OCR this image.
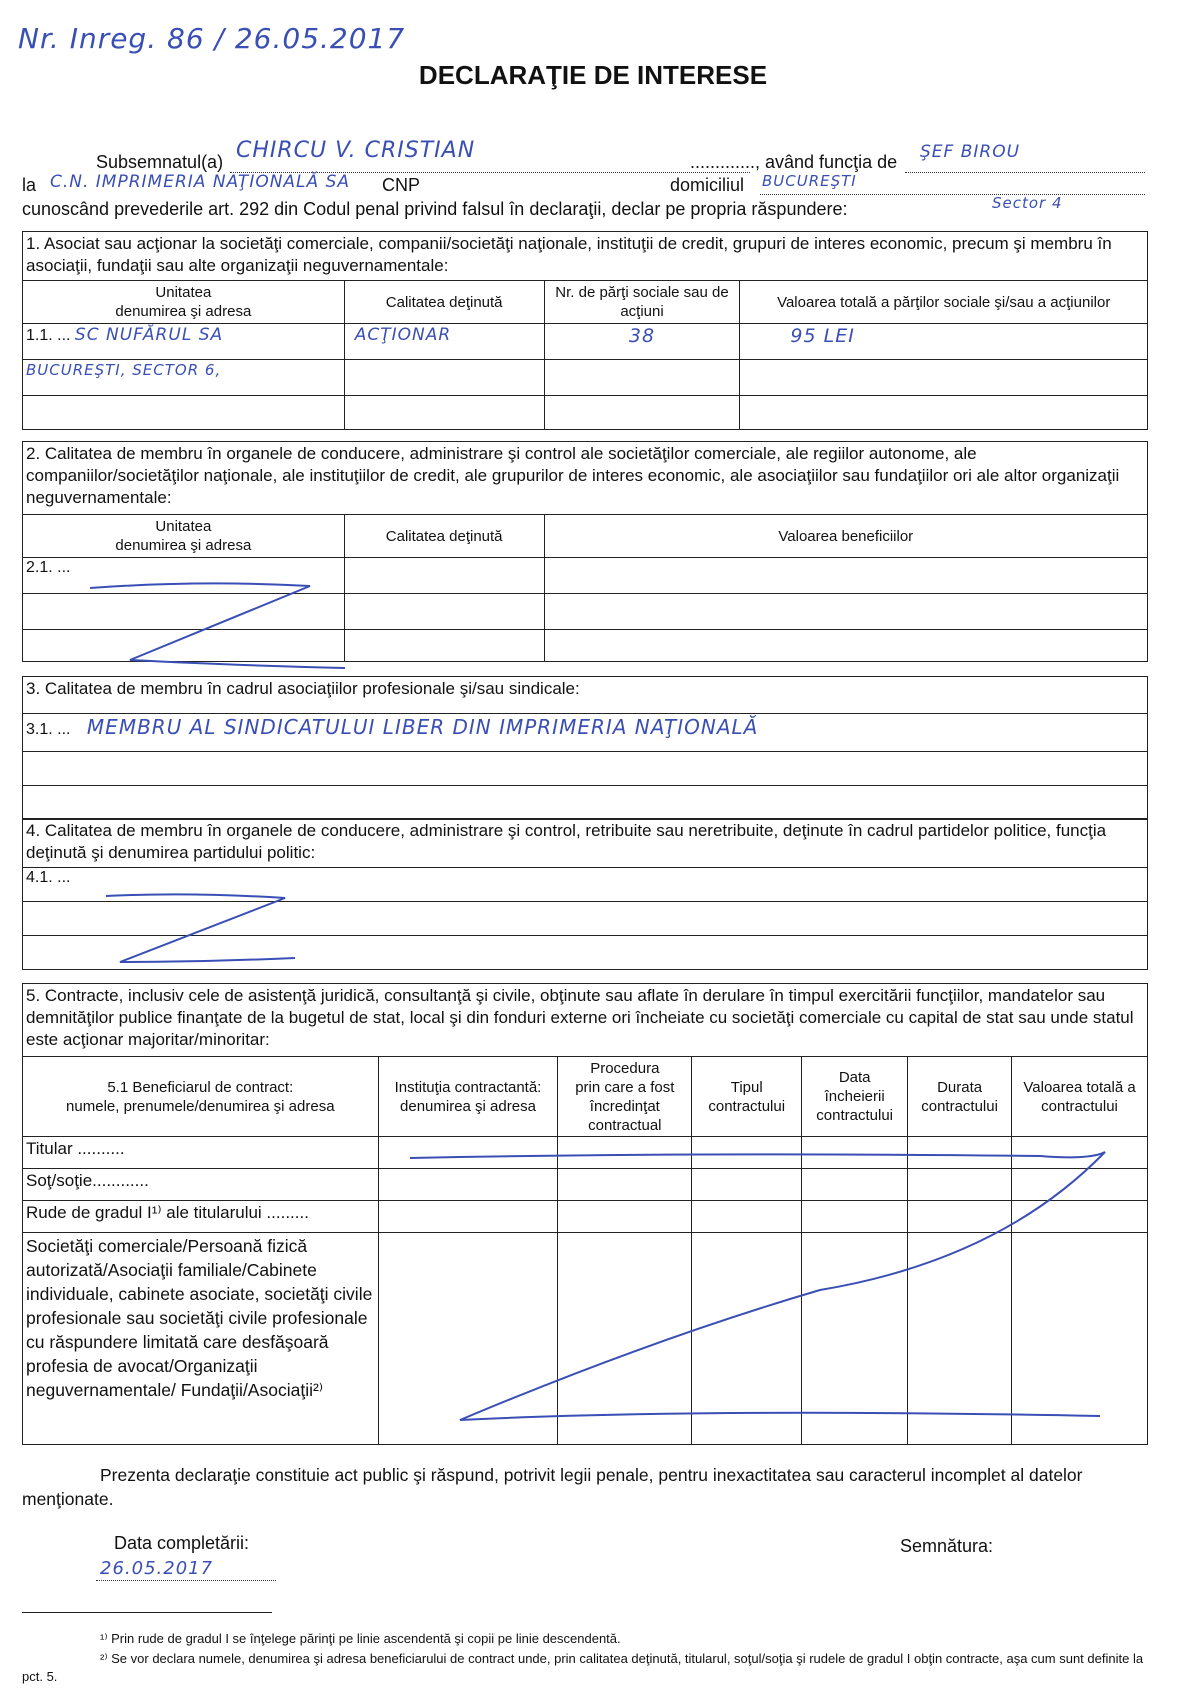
Nr. Inreg. 86 / 26.05.2017
DECLARAŢIE DE INTERESE
Subsemnatul(a) CHIRCU V. CRISTIAN	............., având funcţia de ŞEF BIROU
la C.N. IMPRIMERIA NAŢIONALĂ SA CNP	domiciliul BUCUREŞTI
Sector 4
cunoscând prevederile art. 292 din Codul penal privind falsul în declaraţii, declar pe propria răspundere:
1. Asociat sau acţionar la societăţi comerciale, companii/societăţi naţionale, instituţii de credit, grupuri de interes economic, precum şi membru în asociaţii, fundaţii sau alte organizaţii neguvernamentale:			
Unitatea
denumirea şi adresa	Calitatea deţinută	Nr. de părţi sociale sau de acţiuni	Valoarea totală a părţilor sociale şi/sau a acţiunilor
1.1. ... SC NUFĂRUL SA	ACŢIONAR	38	95 LEI
BUCUREŞTI, SECTOR 6,			

2. Calitatea de membru în organele de conducere, administrare şi control ale societăţilor comerciale, ale regiilor autonome, ale companiilor/societăţilor naţionale, ale instituţiilor de credit, ale grupurilor de interes economic, ale asociaţiilor sau fundaţiilor ori ale altor organizaţii neguvernamentale:		
Unitatea
denumirea şi adresa	Calitatea deţinută	Valoarea beneficiilor
2.1. ...		

3. Calitatea de membru în cadrul asociaţiilor profesionale şi/sau sindicale:
3.1. ... MEMBRU AL SINDICATULUI LIBER DIN IMPRIMERIA NAŢIONALĂ

4. Calitatea de membru în organele de conducere, administrare şi control, retribuite sau neretribuite, deţinute în cadrul partidelor politice, funcţia deţinută şi denumirea partidului politic:
4.1. ...

5. Contracte, inclusiv cele de asistenţă juridică, consultanţă şi civile, obţinute sau aflate în derulare în timpul exercitării funcţiilor, mandatelor sau demnităţilor publice finanţate de la bugetul de stat, local şi din fonduri externe ori încheiate cu societăţi comerciale cu capital de stat sau unde statul este acţionar majoritar/minoritar:						
5.1 Beneficiarul de contract:
numele, prenumele/denumirea şi adresa	Instituţia contractantă:
denumirea şi adresa	Procedura
prin care a fost
încredinţat
contractual	Tipul
contractului	Data
încheierii
contractului	Durata
contractului	Valoarea totală a
contractului
Titular ..........						
Soţ/soţie............						
Rude de gradul I¹⁾ ale titularului .........						
Societăţi comerciale/Persoană fizică autorizată/Asociaţii familiale/Cabinete individuale, cabinete asociate, societăţi civile profesionale sau societăţi civile profesionale cu răspundere limitată care desfăşoară profesia de avocat/Organizaţii neguvernamentale/ Fundaţii/Asociaţii²⁾						
Prezenta declaraţie constituie act public şi răspund, potrivit legii penale, pentru inexactitatea sau caracterul incomplet al datelor menţionate.
Data completării:
26.05.2017
Semnătura:
¹⁾ Prin rude de gradul I se înţelege părinţi pe linie ascendentă şi copii pe linie descendentă.
²⁾ Se vor declara numele, denumirea şi adresa beneficiarului de contract unde, prin calitatea deţinută, titularul, soţul/soţia şi rudele de gradul I obţin contracte, aşa cum sunt definite la pct. 5.
